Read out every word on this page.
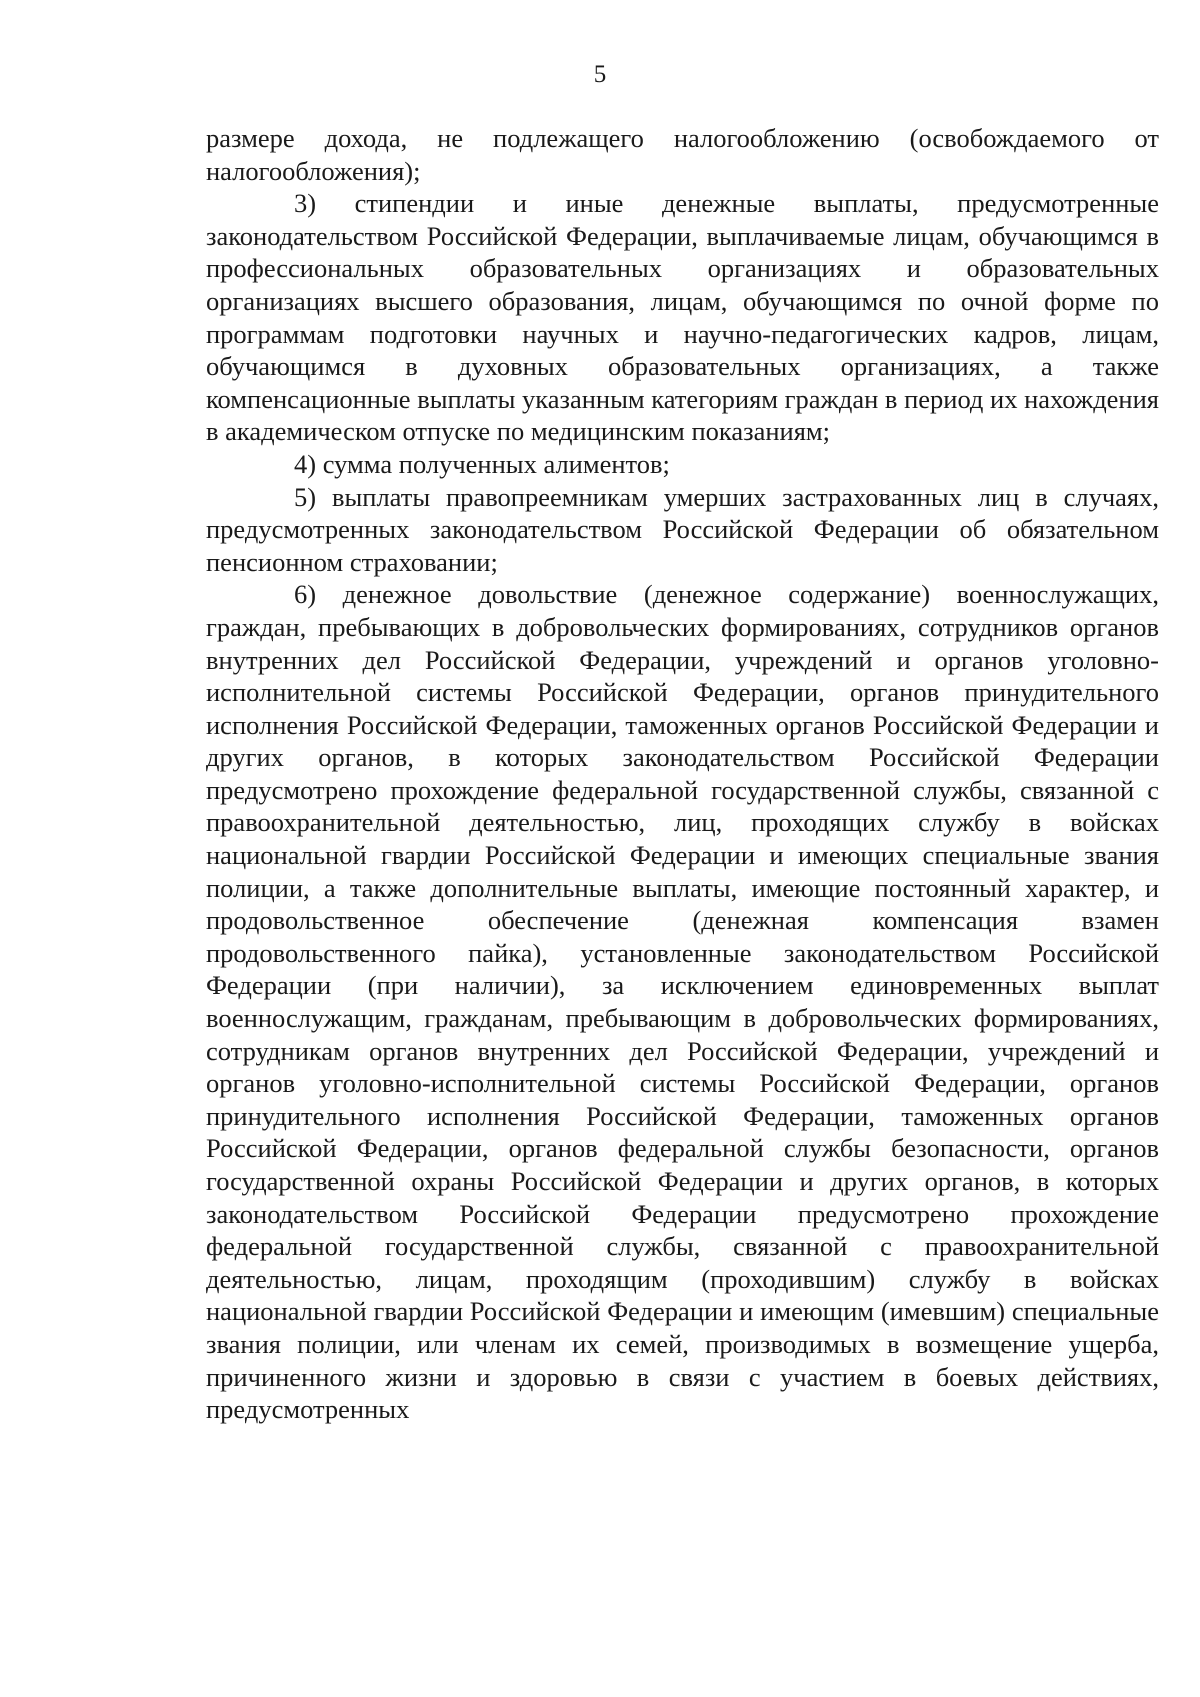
5

размере дохода, не подлежащего налогообложению (освобождаемого от налогообложения);

3) стипендии и иные денежные выплаты, предусмотренные законодательством Российской Федерации, выплачиваемые лицам, обучающимся в профессиональных образовательных организациях и образовательных организациях высшего образования, лицам, обучающимся по очной форме по программам подготовки научных и научно-педагогических кадров, лицам, обучающимся в духовных образовательных организациях, а также компенсационные выплаты указанным категориям граждан в период их нахождения в академическом отпуске по медицинским показаниям;

4) сумма полученных алиментов;

5) выплаты правопреемникам умерших застрахованных лиц в случаях, предусмотренных законодательством Российской Федерации об обязательном пенсионном страховании;

6) денежное довольствие (денежное содержание) военнослужащих, граждан, пребывающих в добровольческих формированиях, сотрудников органов внутренних дел Российской Федерации, учреждений и органов уголовно-исполнительной системы Российской Федерации, органов принудительного исполнения Российской Федерации, таможенных органов Российской Федерации и других органов, в которых законодательством Российской Федерации предусмотрено прохождение федеральной государственной службы, связанной с правоохранительной деятельностью, лиц, проходящих службу в войсках национальной гвардии Российской Федерации и имеющих специальные звания полиции, а также дополнительные выплаты, имеющие постоянный характер, и продовольственное обеспечение (денежная компенсация взамен продовольственного пайка), установленные законодательством Российской Федерации (при наличии), за исключением единовременных выплат военнослужащим, гражданам, пребывающим в добровольческих формированиях, сотрудникам органов внутренних дел Российской Федерации, учреждений и органов уголовно-исполнительной системы Российской Федерации, органов принудительного исполнения Российской Федерации, таможенных органов Российской Федерации, органов федеральной службы безопасности, органов государственной охраны Российской Федерации и других органов, в которых законодательством Российской Федерации предусмотрено прохождение федеральной государственной службы, связанной с правоохранительной деятельностью, лицам, проходящим (проходившим) службу в войсках национальной гвардии Российской Федерации и имеющим (имевшим) специальные звания полиции, или членам их семей, производимых в возмещение ущерба, причиненного жизни и здоровью в связи с участием в боевых действиях, предусмотренных
